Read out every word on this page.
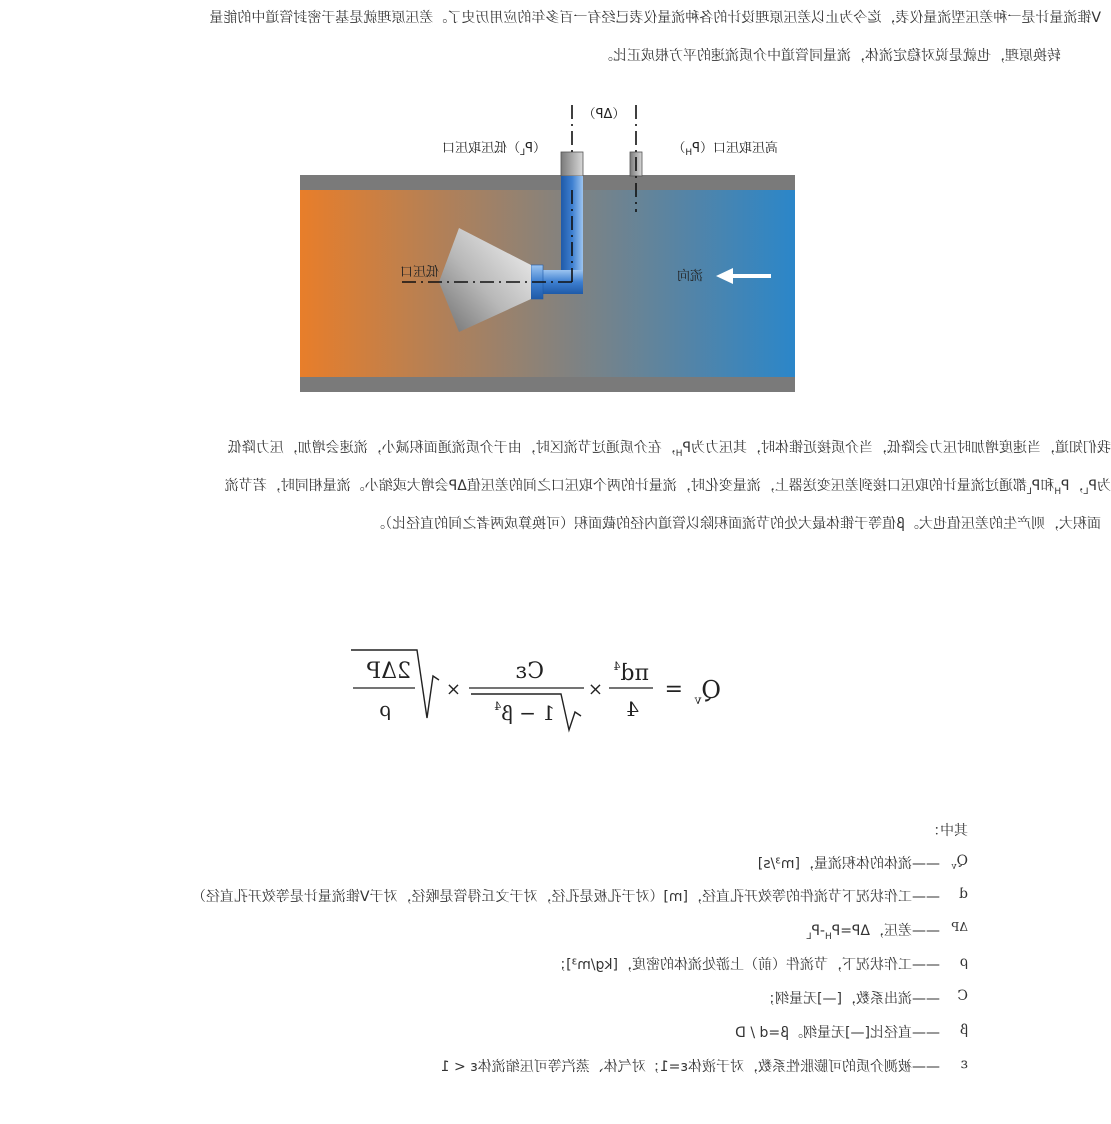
V锥流量计是一种差压型流量仪表，迄今为止以差压原理设计的各种流量仪表已经有一百多年的应用历史了。差压原理就是基于密封管道中的能量
转换原理，也就是说对稳定流体，流量同管道中介质流速的平方根成正比。
（ΔP）
高压取压口$(P_H)$
$(P_L)$低压取压口
低压口	流向
我们知道，当速度增加时压力会降低，当介质接近锥体时，其压力为$P_H$，在介质通过节流区时，由于介质流通面积减小，流速会增加，压力降低
为$P_L$，$P_H$和$P_L$都通过流量计的取压口接到差压变送器上，流量变化时，流量计的两个取压口之间的差压值ΔP会增大或缩小。流量相同时，若节流
面积大，则产生的差压值也大。β值等于锥体最大处的节流面积除以管道内径的截面积（可换算成两者之间的直径比）。
$Q_v$
=
$\pi d^4$
4
×
Cε
$1 - \beta^4$
×
2ΔP
ρ
其中：
$Q_v$
——流体的体积流量，[m³/s]
d
——工作状况下节流件的等效开孔直径，[m]（对于孔板是孔径，对于文丘得管是喉径，对于V锥流量计是等效开孔直径）
ΔP
——差压，$\Delta P=P_H-P_L$
ρ
——工作状况下，节流件（前）上游处流体的密度，[kg/m³]；
C
——流出系数，[—]无量纲；
β
——直径比[—]无量纲。β=d / D
ε
——被测介质的可膨胀性系数，对于液体ε=1；对气体、蒸汽等可压缩流体ε < 1
